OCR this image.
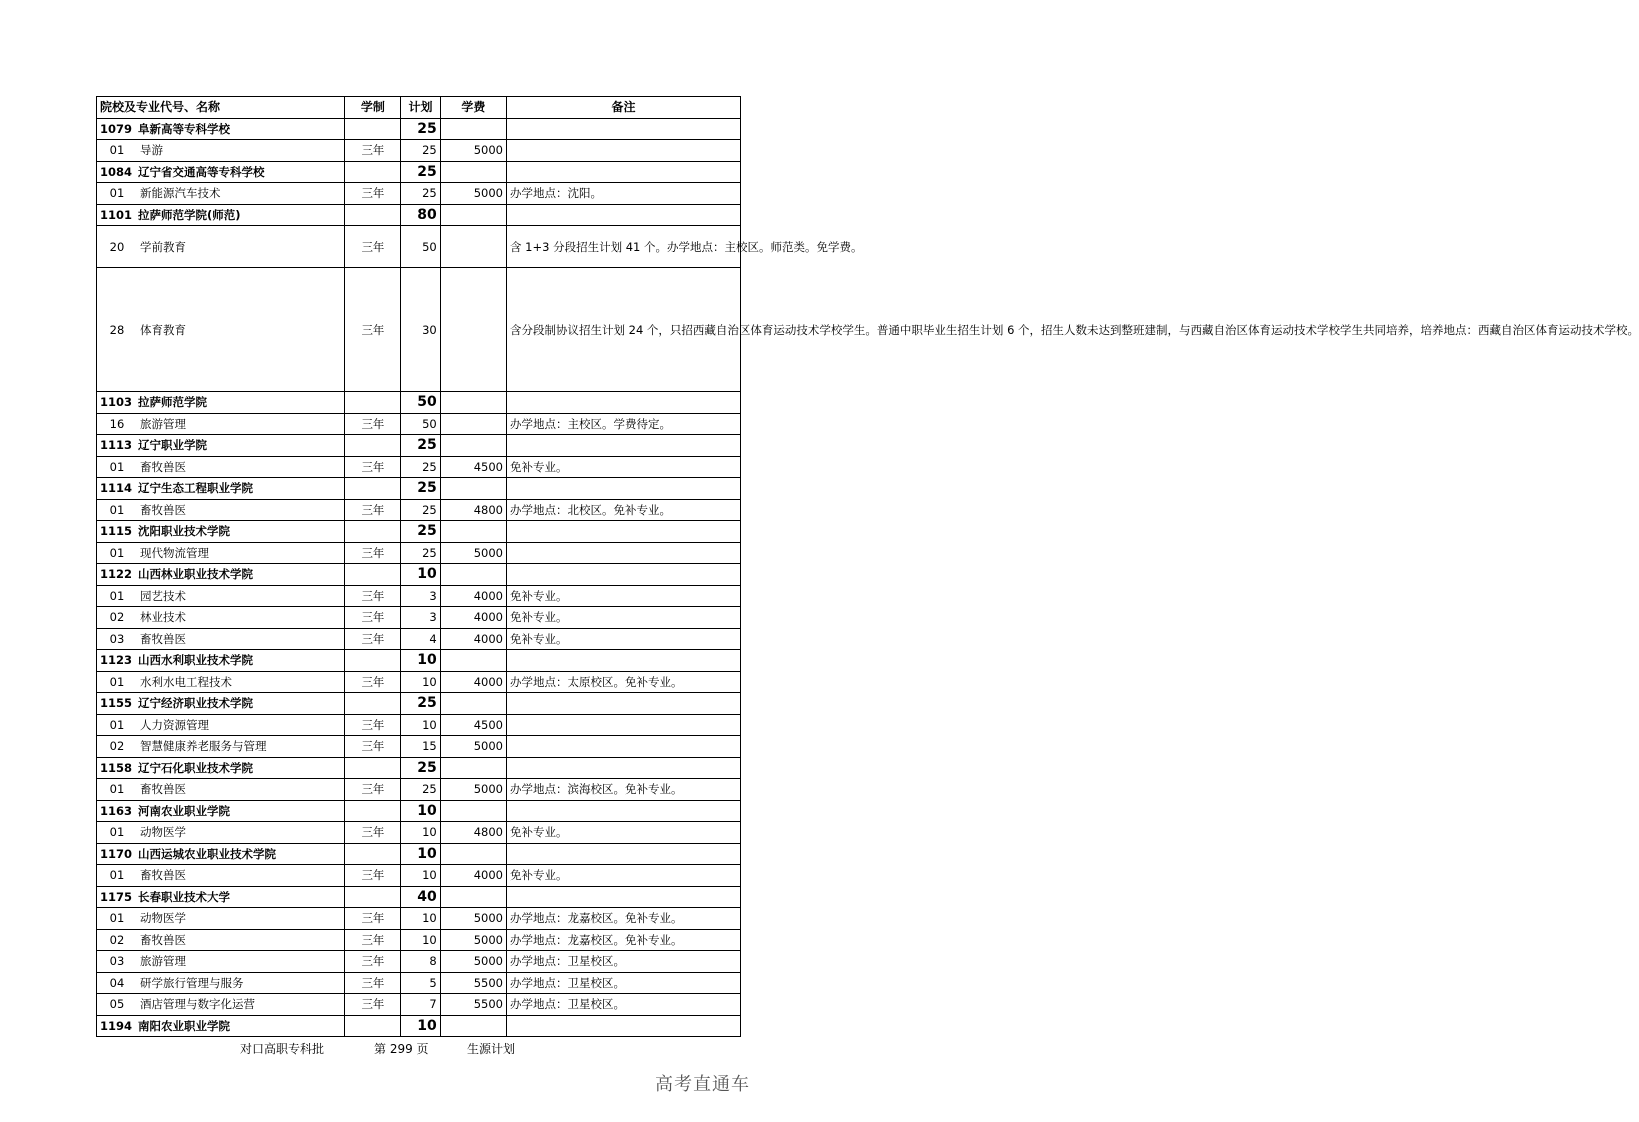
院校及专业代号、名称	学制	计划	学费	备注
1079 阜新高等专科学校		25		
01 导游	三年	25	5000	
1084 辽宁省交通高等专科学校		25		
01 新能源汽车技术	三年	25	5000	办学地点：沈阳。
1101 拉萨师范学院(师范)		80		
20 学前教育	三年	50		含 1+3 分段招生计划 41 个。办学地点：主校区。师范类。免学费。
28 体育教育	三年	30		含分段制协议招生计划 24 个，只招西藏自治区体育运动技术学校学生。普通中职毕业生招生计划 6 个，招生人数未达到整班建制，与西藏自治区体育运动技术学校学生共同培养，培养地点：西藏自治区体育运动技术学校。
1103 拉萨师范学院		50		
16 旅游管理	三年	50		办学地点：主校区。学费待定。
1113 辽宁职业学院		25		
01 畜牧兽医	三年	25	4500	免补专业。
1114 辽宁生态工程职业学院		25		
01 畜牧兽医	三年	25	4800	办学地点：北校区。免补专业。
1115 沈阳职业技术学院		25		
01 现代物流管理	三年	25	5000	
1122 山西林业职业技术学院		10		
01 园艺技术	三年	3	4000	免补专业。
02 林业技术	三年	3	4000	免补专业。
03 畜牧兽医	三年	4	4000	免补专业。
1123 山西水利职业技术学院		10		
01 水利水电工程技术	三年	10	4000	办学地点：太原校区。免补专业。
1155 辽宁经济职业技术学院		25		
01 人力资源管理	三年	10	4500	
02 智慧健康养老服务与管理	三年	15	5000	
1158 辽宁石化职业技术学院		25		
01 畜牧兽医	三年	25	5000	办学地点：滨海校区。免补专业。
1163 河南农业职业学院		10		
01 动物医学	三年	10	4800	免补专业。
1170 山西运城农业职业技术学院		10		
01 畜牧兽医	三年	10	4000	免补专业。
1175 长春职业技术大学		40		
01 动物医学	三年	10	5000	办学地点：龙嘉校区。免补专业。
02 畜牧兽医	三年	10	5000	办学地点：龙嘉校区。免补专业。
03 旅游管理	三年	8	5000	办学地点：卫星校区。
04 研学旅行管理与服务	三年	5	5500	办学地点：卫星校区。
05 酒店管理与数字化运营	三年	7	5500	办学地点：卫星校区。
1194 南阳农业职业学院		10		
对口高职专科批	第 299 页	生源计划
高考直通车
